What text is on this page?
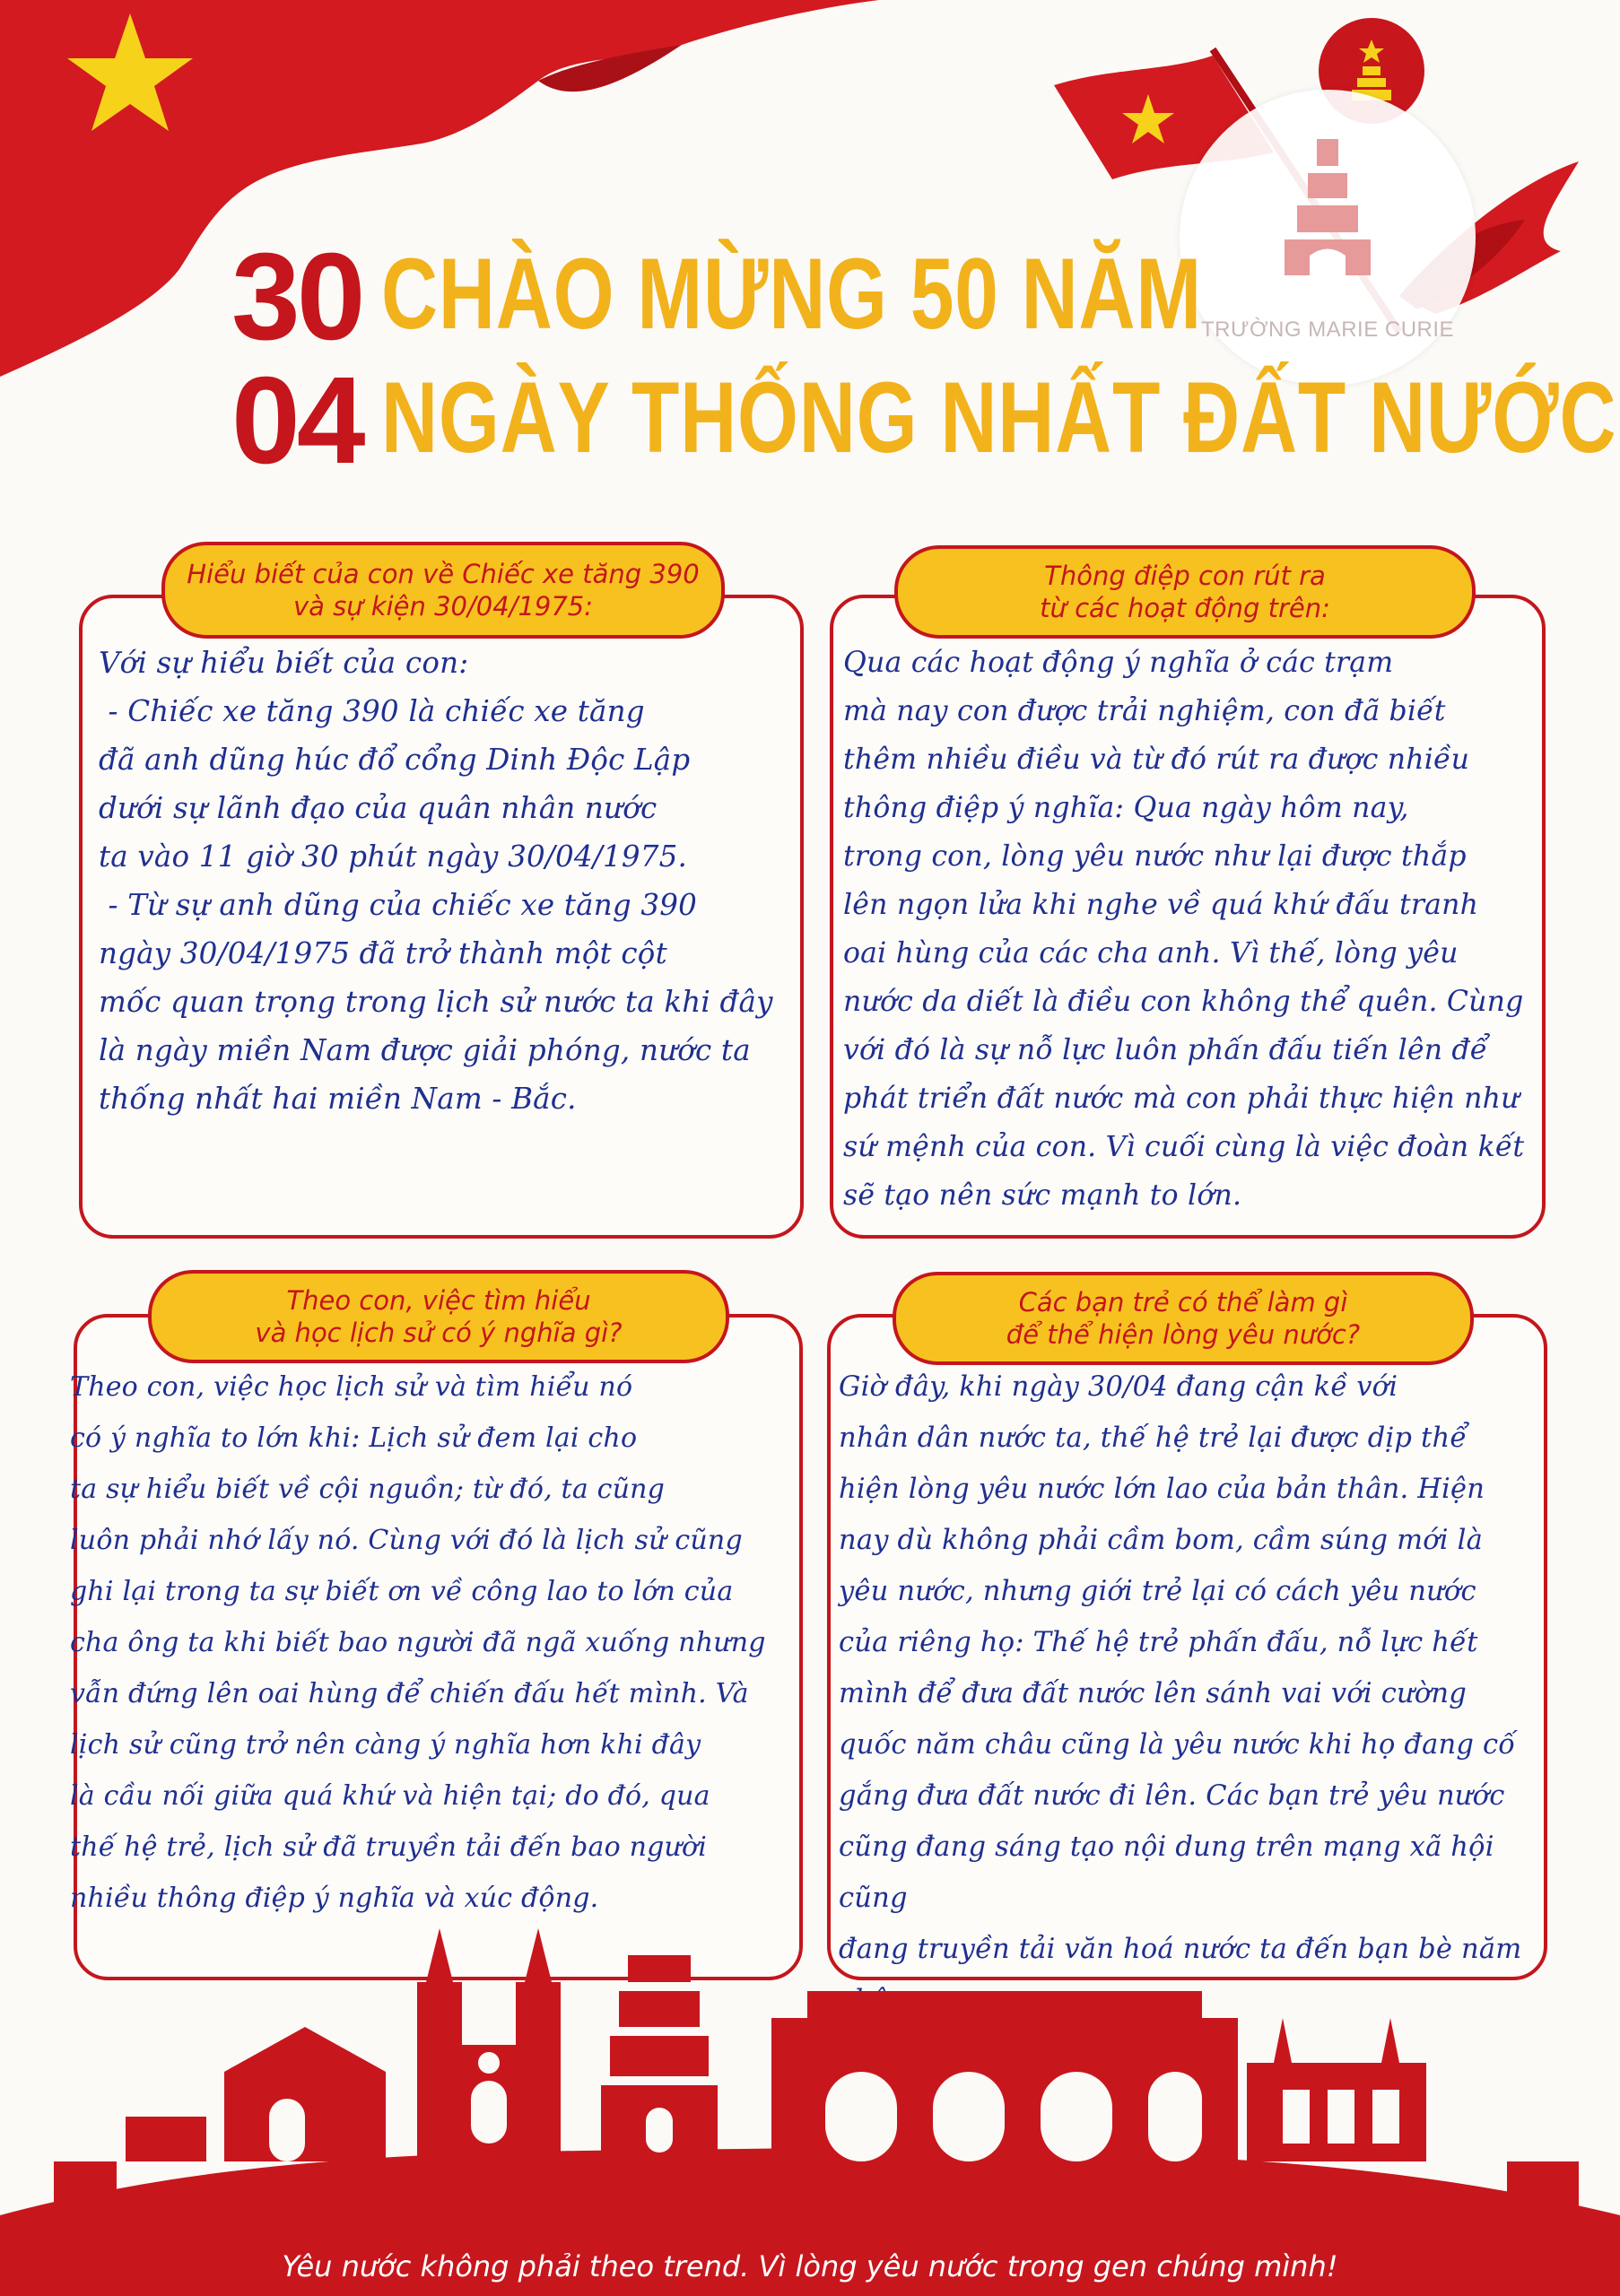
TRƯỜNG MARIE CURIE
30
04
CHÀO MỪNG 50 NĂM
NGÀY THỐNG NHẤT ĐẤT NƯỚC
Hiểu biết của con về Chiếc xe tăng 390
và sự kiện 30/04/1975:
Với sự hiểu biết của con:
- Chiếc xe tăng 390 là chiếc xe tăng
đã anh dũng húc đổ cổng Dinh Độc Lập
dưới sự lãnh đạo của quân nhân nước
ta vào 11 giờ 30 phút ngày 30/04/1975.
- Từ sự anh dũng của chiếc xe tăng 390
ngày 30/04/1975 đã trở thành một cột
mốc quan trọng trong lịch sử nước ta khi đây
là ngày miền Nam được giải phóng, nước ta
thống nhất hai miền Nam - Bắc.
Thông điệp con rút ra
từ các hoạt động trên:
Qua các hoạt động ý nghĩa ở các trạm
mà nay con được trải nghiệm, con đã biết
thêm nhiều điều và từ đó rút ra được nhiều
thông điệp ý nghĩa: Qua ngày hôm nay,
trong con, lòng yêu nước như lại được thắp
lên ngọn lửa khi nghe về quá khứ đấu tranh
oai hùng của các cha anh. Vì thế, lòng yêu
nước da diết là điều con không thể quên. Cùng
với đó là sự nỗ lực luôn phấn đấu tiến lên để
phát triển đất nước mà con phải thực hiện như
sứ mệnh của con. Vì cuối cùng là việc đoàn kết
sẽ tạo nên sức mạnh to lớn.
Theo con, việc tìm hiểu
và học lịch sử có ý nghĩa gì?
Theo con, việc học lịch sử và tìm hiểu nó
có ý nghĩa to lớn khi: Lịch sử đem lại cho
ta sự hiểu biết về cội nguồn; từ đó, ta cũng
luôn phải nhớ lấy nó. Cùng với đó là lịch sử cũng
ghi lại trong ta sự biết ơn về công lao to lớn của
cha ông ta khi biết bao người đã ngã xuống nhưng
vẫn đứng lên oai hùng để chiến đấu hết mình. Và
lịch sử cũng trở nên càng ý nghĩa hơn khi đây
là cầu nối giữa quá khứ và hiện tại; do đó, qua
thế hệ trẻ, lịch sử đã truyền tải đến bao người
nhiều thông điệp ý nghĩa và xúc động.
Các bạn trẻ có thể làm gì
để thể hiện lòng yêu nước?
Giờ đây, khi ngày 30/04 đang cận kề với
nhân dân nước ta, thế hệ trẻ lại được dịp thể
hiện lòng yêu nước lớn lao của bản thân. Hiện
nay dù không phải cầm bom, cầm súng mới là
yêu nước, nhưng giới trẻ lại có cách yêu nước
của riêng họ: Thế hệ trẻ phấn đấu, nỗ lực hết
mình để đưa đất nước lên sánh vai với cường
quốc năm châu cũng là yêu nước khi họ đang cố
gắng đưa đất nước đi lên. Các bạn trẻ yêu nước
cũng đang sáng tạo nội dung trên mạng xã hội cũng
đang truyền tải văn hoá nước ta đến bạn bè năm

Yêu nước không phải theo trend. Vì lòng yêu nước trong gen chúng mình!
